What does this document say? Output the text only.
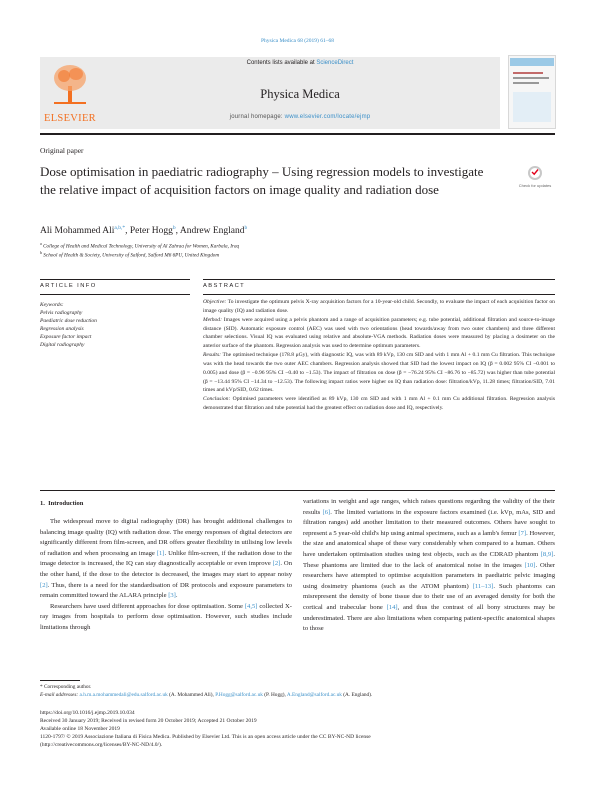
Physica Medica 68 (2019) 61–68
ELSEVIER
Contents lists available at ScienceDirect
Physica Medica
journal homepage: www.elsevier.com/locate/ejmp
Original paper
Dose optimisation in paediatric radiography – Using regression models to investigate the relative impact of acquisition factors on image quality and radiation dose	Check for updates
Ali Mohammed Ali$^{a,b,*}$, Peter Hogg$^b$, Andrew England$^b$
$^a$ College of Health and Medical Technology, University of Al Zahraa for Women, Karbala, Iraq
$^b$ School of Health & Society, University of Salford, Salford M6 6PU, United Kingdom
ARTICLE INFO	ABSTRACT
Keywords:
Pelvis radiography
Paediatric dose reduction
Regression analysis
Exposure factor impact
Digital radiography

Objective: To investigate the optimum pelvis X-ray acquisition factors for a 10-year-old child. Secondly, to evaluate the impact of each acquisition factor on image quality (IQ) and radiation dose.

Method: Images were acquired using a pelvis phantom and a range of acquisition parameters; e.g. tube potential, additional filtration and source-to-image distance (SID). Automatic exposure control (AEC) was used with two orientations (head towards/away from two outer chambers) and three different chamber selections. Visual IQ was evaluated using relative and absolute-VGA methods. Radiation doses were measured by placing a dosimeter on the anterior surface of the phantom. Regression analysis was used to determine optimum parameters.

Results: The optimised technique (178.8 μGy), with diagnostic IQ, was with 89 kVp, 130 cm SID and with 1 mm Al + 0.1 mm Cu filtration. This technique was with the head towards the two outer AEC chambers. Regression analysis showed that SID had the lowest impact on IQ (β = 0.002 95% CI −0.001 to 0.005) and dose (β = −0.96 95% CI −0.40 to −1.53). The impact of filtration on dose (β = −76.24 95% CI −86.76 to −85.72) was higher than tube potential (β = −13.44 95% CI −14.34 to −12.53). The following impact ratios were higher on IQ than radiation dose: filtration/kVp, 11.28 times; filtration/SID, 7.01 times and kVp/SID, 0.62 times.

Conclusion: Optimised parameters were identified as 89 kVp, 130 cm SID and with 1 mm Al + 0.1 mm Cu additional filtration. Regression analysis demonstrated that filtration and tube potential had the greatest effect on radiation dose and IQ, respectively.

1. Introduction

The widespread move to digital radiography (DR) has brought additional challenges to balancing image quality (IQ) with radiation dose. The energy responses of digital detectors are significantly different from film-screen, and DR offers greater flexibility in utilising low levels of radiation and when processing an image [1]. Unlike film-screen, if the radiation dose to the image detector is increased, the IQ can stay diagnostically acceptable or even improve [2]. On the other hand, if the dose to the detector is decreased, the images may start to appear noisy [2]. Thus, there is a need for the standardisation of DR protocols and exposure parameters to remain committed toward the ALARA principle [3].

Researchers have used different approaches for dose optimisation. Some [4,5] collected X-ray images from hospitals to perform dose optimisation. However, such studies include limitations through

variations in weight and age ranges, which raises questions regarding the validity of the their results [6]. The limited variations in the exposure factors examined (i.e. kVp, mAs, SID and filtration ranges) add another limitation to their measured outcomes. Others have sought to represent a 5 year-old child's hip using animal specimens, such as a lamb's femur [7]. However, the size and anatomical shape of these vary considerably when compared to a human. Others have undertaken optimisation studies using test objects, such as the CDRAD phantom [8,9]. These phantoms are limited due to the lack of anatomical noise in the images [10]. Other researchers have attempted to optimise acquisition parameters in paediatric pelvic imaging using dosimetry phantoms (such as the ATOM phantom) [11–13]. Such phantoms can misrepresent the density of bone tissue due to their use of an averaged density for both the cortical and trabecular bone [14], and thus the contrast of all bony structures may be underestimated. There are also limitations when comparing patient-specific anatomical shapes to those

* Corresponding author.
E-mail addresses: a.h.m.a.mohammedali@edu.salford.ac.uk (A. Mohammed Ali), P.Hogg@salford.ac.uk (P. Hogg), A.England@salford.ac.uk (A. England).
https://doi.org/10.1016/j.ejmp.2019.10.034
Received 30 January 2019; Received in revised form 20 October 2019; Accepted 21 October 2019
Available online 18 November 2019
1120-1797/ © 2019 Associazione Italiana di Fisica Medica. Published by Elsevier Ltd. This is an open access article under the CC BY-NC-ND license
(http://creativecommons.org/licenses/BY-NC-ND/4.0/).
